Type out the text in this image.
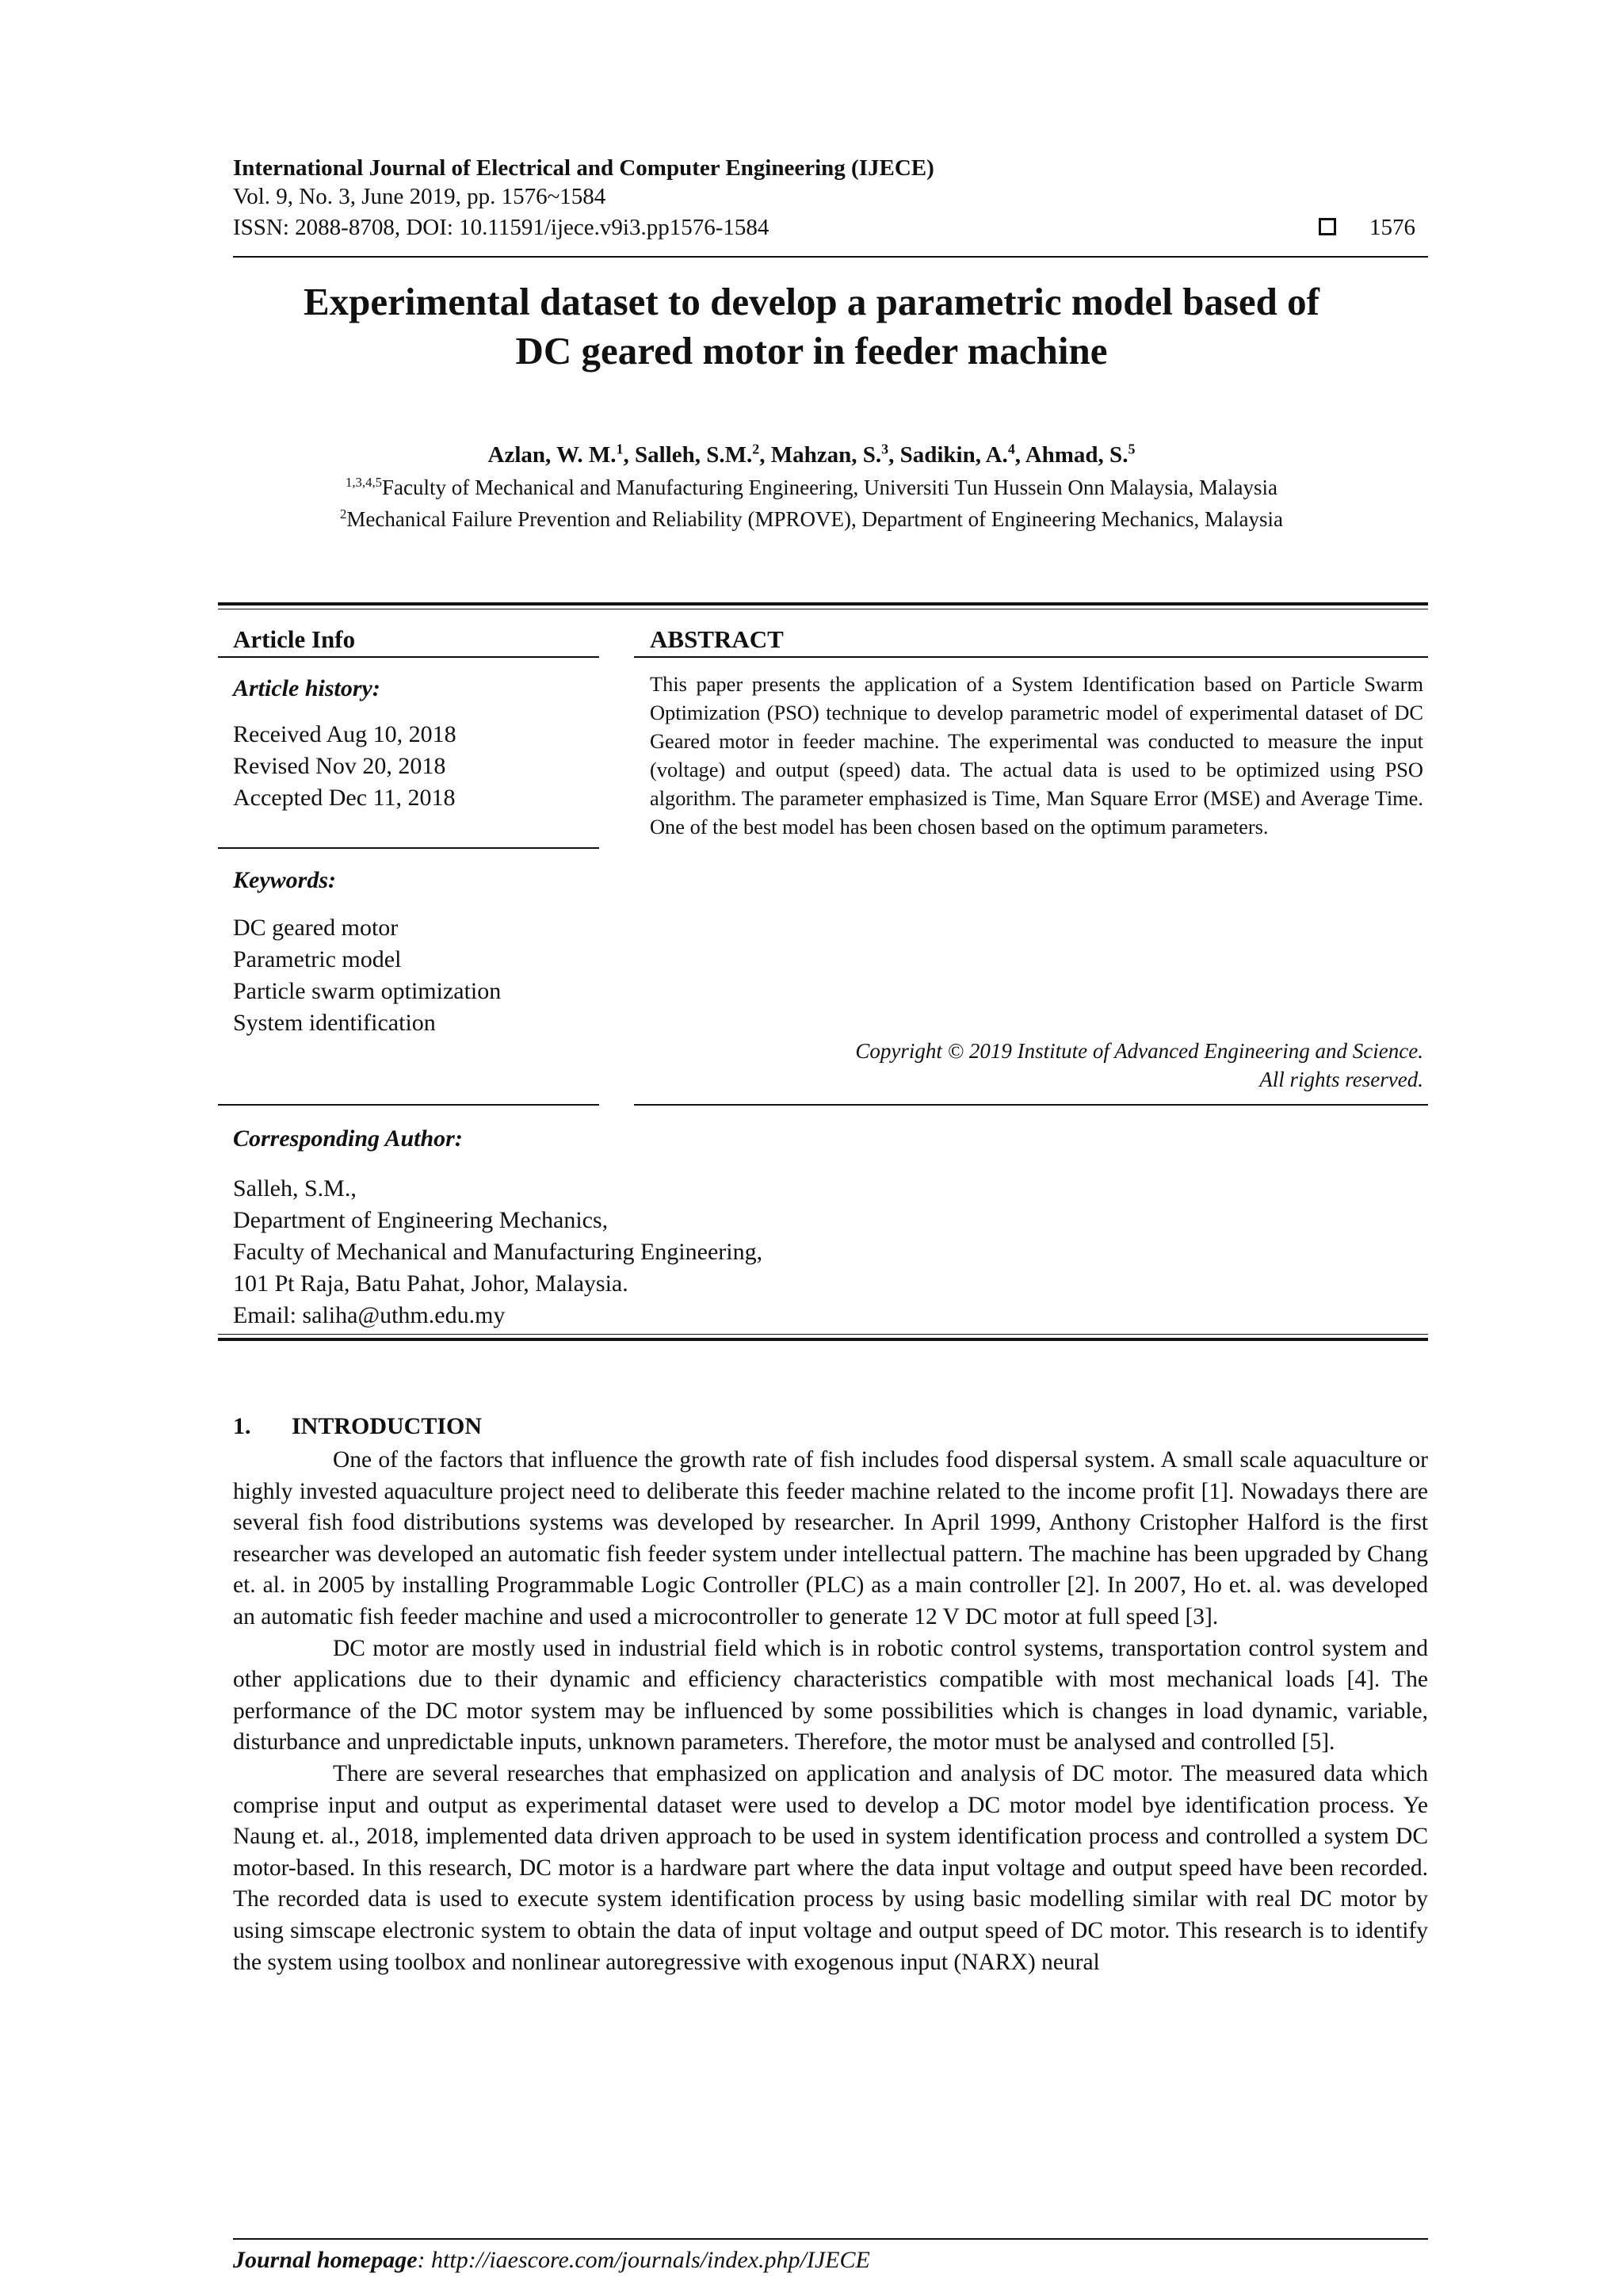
International Journal of Electrical and Computer Engineering (IJECE)
Vol. 9, No. 3, June 2019, pp. 1576~1584
ISSN: 2088-8708, DOI: 10.11591/ijece.v9i3.pp1576-1584	1576
Experimental dataset to develop a parametric model based of
DC geared motor in feeder machine
Azlan, W. M.$^1$, Salleh, S.M.$^2$, Mahzan, S.$^3$, Sadikin, A.$^4$, Ahmad, S.$^5$
$^{1,3,4,5}$Faculty of Mechanical and Manufacturing Engineering, Universiti Tun Hussein Onn Malaysia, Malaysia
$^2$Mechanical Failure Prevention and Reliability (MPROVE), Department of Engineering Mechanics, Malaysia
Article Info
Article history:
Received Aug 10, 2018
Revised Nov 20, 2018
Accepted Dec 11, 2018
Keywords:
DC geared motor
Parametric model
Particle swarm optimization
System identification
ABSTRACT
This paper presents the application of a System Identification based on Particle Swarm Optimization (PSO) technique to develop parametric model of experimental dataset of DC Geared motor in feeder machine. The experimental was conducted to measure the input (voltage) and output (speed) data. The actual data is used to be optimized using PSO algorithm. The parameter emphasized is Time, Man Square Error (MSE) and Average Time. One of the best model has been chosen based on the optimum parameters.
Copyright © 2019 Institute of Advanced Engineering and Science.
All rights reserved.
Corresponding Author:
Salleh, S.M.,
Department of Engineering Mechanics,
Faculty of Mechanical and Manufacturing Engineering,
101 Pt Raja, Batu Pahat, Johor, Malaysia.
Email: saliha@uthm.edu.my
1. INTRODUCTION

One of the factors that influence the growth rate of fish includes food dispersal system. A small scale aquaculture or highly invested aquaculture project need to deliberate this feeder machine related to the income profit [1]. Nowadays there are several fish food distributions systems was developed by researcher. In April 1999, Anthony Cristopher Halford is the first researcher was developed an automatic fish feeder system under intellectual pattern. The machine has been upgraded by Chang et. al. in 2005 by installing Programmable Logic Controller (PLC) as a main controller [2]. In 2007, Ho et. al. was developed an automatic fish feeder machine and used a microcontroller to generate 12 V DC motor at full speed [3].

DC motor are mostly used in industrial field which is in robotic control systems, transportation control system and other applications due to their dynamic and efficiency characteristics compatible with most mechanical loads [4]. The performance of the DC motor system may be influenced by some possibilities which is changes in load dynamic, variable, disturbance and unpredictable inputs, unknown parameters. Therefore, the motor must be analysed and controlled [5].

There are several researches that emphasized on application and analysis of DC motor. The measured data which comprise input and output as experimental dataset were used to develop a DC motor model bye identification process. Ye Naung et. al., 2018, implemented data driven approach to be used in system identification process and controlled a system DC motor-based. In this research, DC motor is a hardware part where the data input voltage and output speed have been recorded. The recorded data is used to execute system identification process by using basic modelling similar with real DC motor by using simscape electronic system to obtain the data of input voltage and output speed of DC motor. This research is to identify the system using toolbox and nonlinear autoregressive with exogenous input (NARX) neural

Journal homepage: http://iaescore.com/journals/index.php/IJECE
